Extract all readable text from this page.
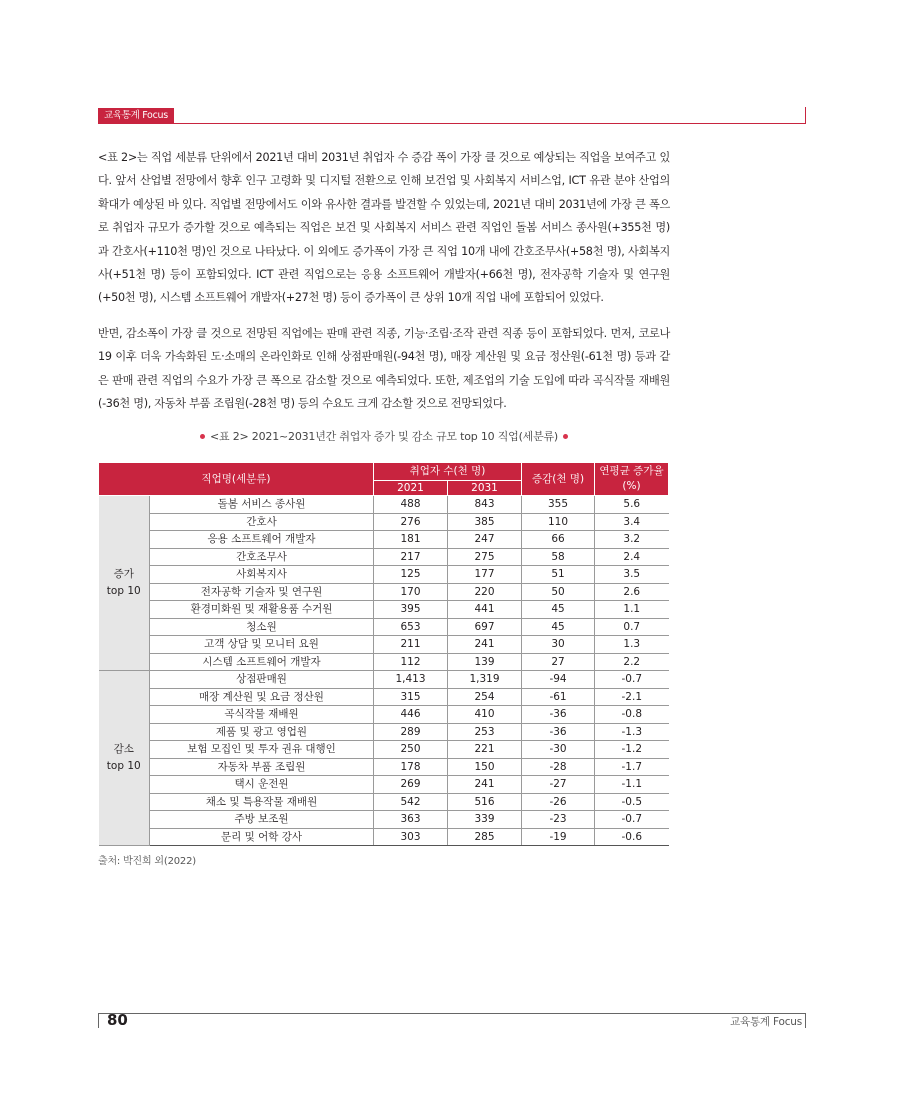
교육통계 Focus

<표 2>는 직업 세분류 단위에서 2021년 대비 2031년 취업자 수 증감 폭이 가장 클 것으로 예상되는 직업을 보여주고 있다. 앞서 산업별 전망에서 향후 인구 고령화 및 디지털 전환으로 인해 보건업 및 사회복지 서비스업, ICT 유관 분야 산업의 확대가 예상된 바 있다. 직업별 전망에서도 이와 유사한 결과를 발견할 수 있었는데, 2021년 대비 2031년에 가장 큰 폭으로 취업자 규모가 증가할 것으로 예측되는 직업은 보건 및 사회복지 서비스 관련 직업인 돌봄 서비스 종사원(+355천 명)과 간호사(+110천 명)인 것으로 나타났다. 이 외에도 증가폭이 가장 큰 직업 10개 내에 간호조무사(+58천 명), 사회복지사(+51천 명) 등이 포함되었다. ICT 관련 직업으로는 응용 소프트웨어 개발자(+66천 명), 전자공학 기술자 및 연구원(+50천 명), 시스템 소프트웨어 개발자(+27천 명) 등이 증가폭이 큰 상위 10개 직업 내에 포함되어 있었다.

반면, 감소폭이 가장 클 것으로 전망된 직업에는 판매 관련 직종, 기능·조립·조작 관련 직종 등이 포함되었다. 먼저, 코로나19 이후 더욱 가속화된 도·소매의 온라인화로 인해 상점판매원(-94천 명), 매장 계산원 및 요금 정산원(-61천 명) 등과 같은 판매 관련 직업의 수요가 가장 큰 폭으로 감소할 것으로 예측되었다. 또한, 제조업의 기술 도입에 따라 곡식작물 재배원(-36천 명), 자동차 부품 조립원(-28천 명) 등의 수요도 크게 감소할 것으로 전망되었다.

<표 2> 2021~2031년간 취업자 증가 및 감소 규모 top 10 직업(세분류)
직업명(세분류)		취업자 수(천 명)		증감(천 명)	연평균 증가율(%)
		2021	2031		
증가 top 10	돌봄 서비스 종사원	488	843	355	5.6
	간호사	276	385	110	3.4
	응용 소프트웨어 개발자	181	247	66	3.2
	간호조무사	217	275	58	2.4
	사회복지사	125	177	51	3.5
	전자공학 기술자 및 연구원	170	220	50	2.6
	환경미화원 및 재활용품 수거원	395	441	45	1.1
	청소원	653	697	45	0.7
	고객 상담 및 모니터 요원	211	241	30	1.3
	시스템 소프트웨어 개발자	112	139	27	2.2
감소 top 10	상점판매원	1,413	1,319	-94	-0.7
	매장 계산원 및 요금 정산원	315	254	-61	-2.1
	곡식작물 재배원	446	410	-36	-0.8
	제품 및 광고 영업원	289	253	-36	-1.3
	보험 모집인 및 투자 권유 대행인	250	221	-30	-1.2
	자동차 부품 조립원	178	150	-28	-1.7
	택시 운전원	269	241	-27	-1.1
	채소 및 특용작물 재배원	542	516	-26	-0.5
	주방 보조원	363	339	-23	-0.7
	문리 및 어학 강사	303	285	-19	-0.6
출처: 박진희 외(2022)
80	교육통계 Focus
